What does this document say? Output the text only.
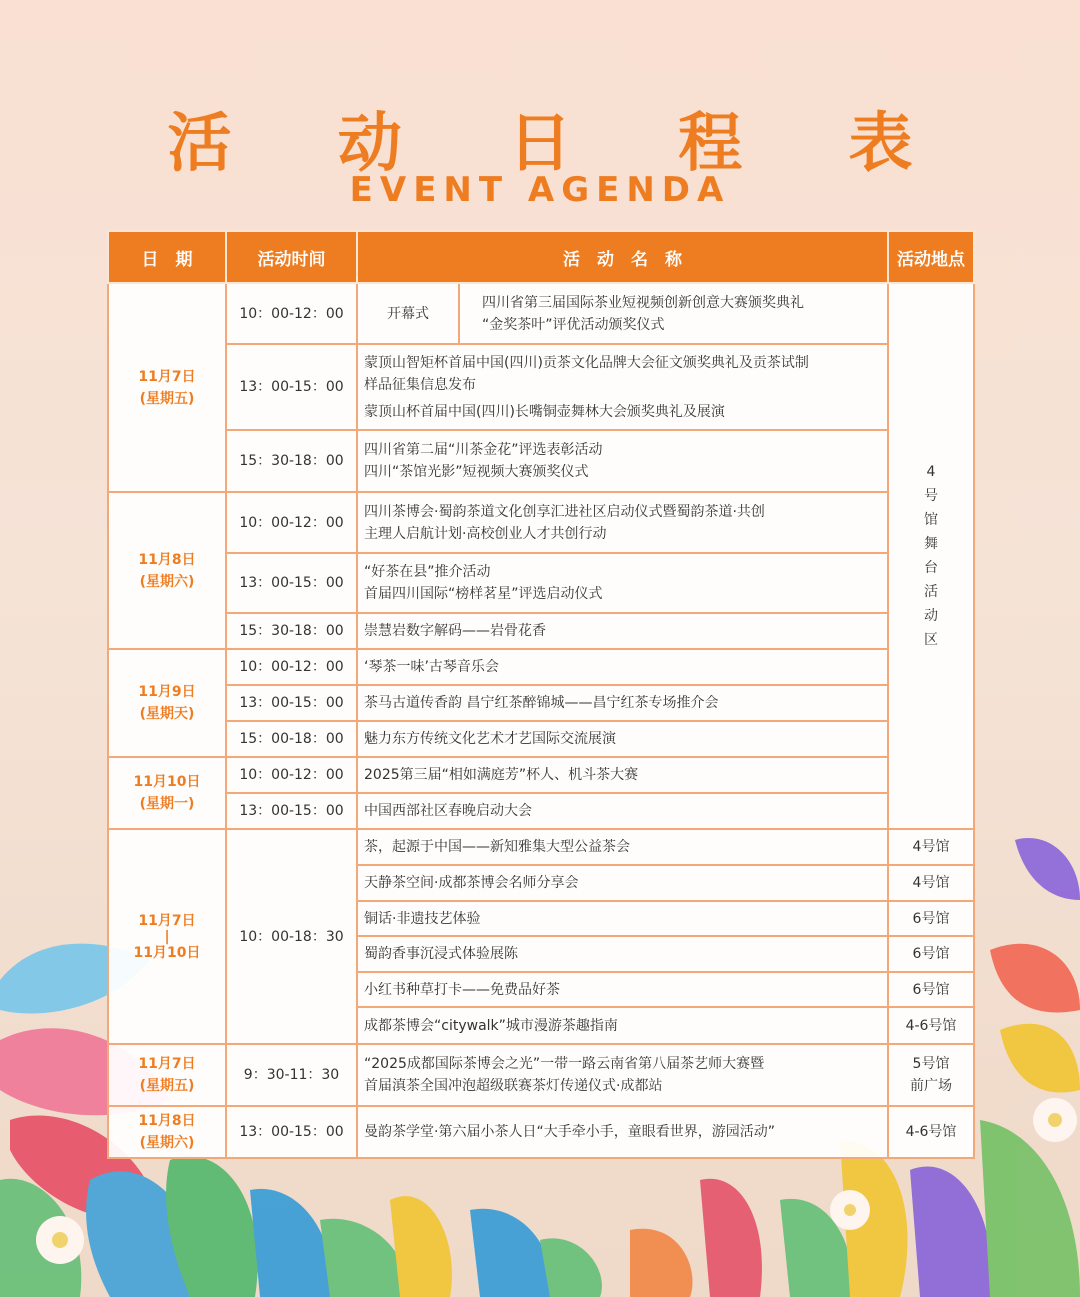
活 动 日 程 表
EVENT AGENDA
日　期	活动时间	活　动　名　称		活动地点

11月7日
(星期五)	10：00-12：00	开幕式	四川省第三届国际茶业短视频创新创意大赛颁奖典礼
“金奖茶叶”评优活动颁奖仪式	4号馆舞台活动区
	13：00-15：00	蒙顶山智矩杯首届中国(四川)贡茶文化品牌大会征文颁奖典礼及贡茶试制
样品征集信息发布
蒙顶山杯首届中国(四川)长嘴铜壶舞林大会颁奖典礼及展演		

	15：30-18：00	四川省第二届“川茶金花”评选表彰活动
四川“茶馆光影”短视频大赛颁奖仪式		

11月8日
(星期六)	10：00-12：00	四川茶博会·蜀韵茶道文化创享汇进社区启动仪式暨蜀韵茶道·共创
主理人启航计划·高校创业人才共创行动		

	13：00-15：00	“好茶在县”推介活动
首届四川国际“榜样茗星”评选启动仪式		

	15：30-18：00	崇慧岩数字解码——岩骨花香		

11月9日
(星期天)	10：00-12：00	‘琴茶一味’古琴音乐会		
	13：00-15：00	茶马古道传香韵 昌宁红茶醉锦城——昌宁红茶专场推介会		
	15：00-18：00	魅力东方传统文化艺术才艺国际交流展演		

11月10日
(星期一)	10：00-12：00	2025第三届“相如满庭芳”杯人、机斗茶大赛		
	13：00-15：00	中国西部社区春晚启动大会		

11月7日
|
11月10日	10：00-18：30	茶，起源于中国——新知雅集大型公益茶会		4号馆
		天静茶空间·成都茶博会名师分享会		4号馆
		铜话·非遗技艺体验		6号馆
		蜀韵香事沉浸式体验展陈		6号馆
		小红书种草打卡——免费品好茶		6号馆
		成都茶博会“citywalk”城市漫游茶趣指南		4-6号馆

11月7日
(星期五)	9：30-11：30	“2025成都国际茶博会之光”一带一路云南省第八届茶艺师大赛暨
首届滇茶全国冲泡超级联赛茶灯传递仪式·成都站		5号馆
前广场

11月8日
(星期六)	13：00-15：00	曼韵茶学堂·第六届小茶人日“大手牵小手，童眼看世界，游园活动”		4-6号馆
